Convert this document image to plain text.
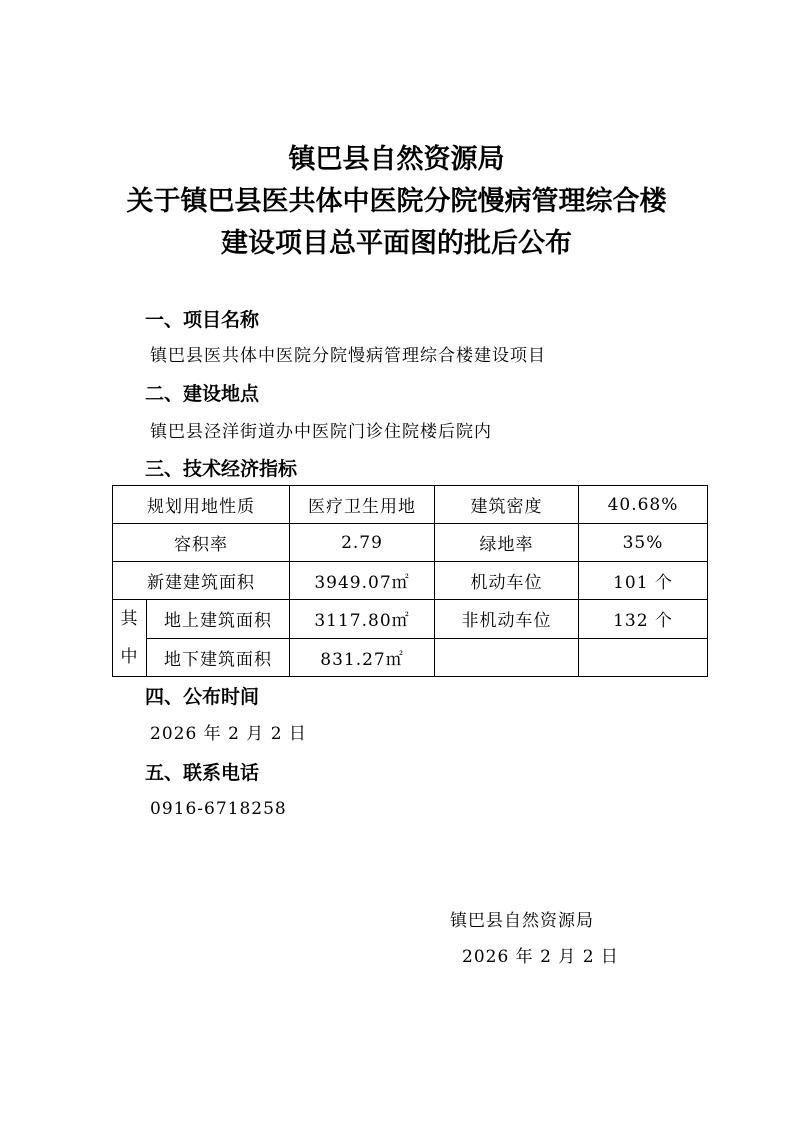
镇巴县自然资源局
关于镇巴县医共体中医院分院慢病管理综合楼
建设项目总平面图的批后公布
一、项目名称
镇巴县医共体中医院分院慢病管理综合楼建设项目
二、建设地点
镇巴县泾洋街道办中医院门诊住院楼后院内
三、技术经济指标
规划用地性质		医疗卫生用地	建筑密度	40.68%
容积率		2.79	绿地率	35%
新建建筑面积		3949.07㎡	机动车位	101 个
其中	地上建筑面积	3117.80㎡	非机动车位	132 个
	地下建筑面积	831.27㎡		
四、公布时间
2026 年 2 月 2 日
五、联系电话
0916-6718258
镇巴县自然资源局
2026 年 2 月 2 日
